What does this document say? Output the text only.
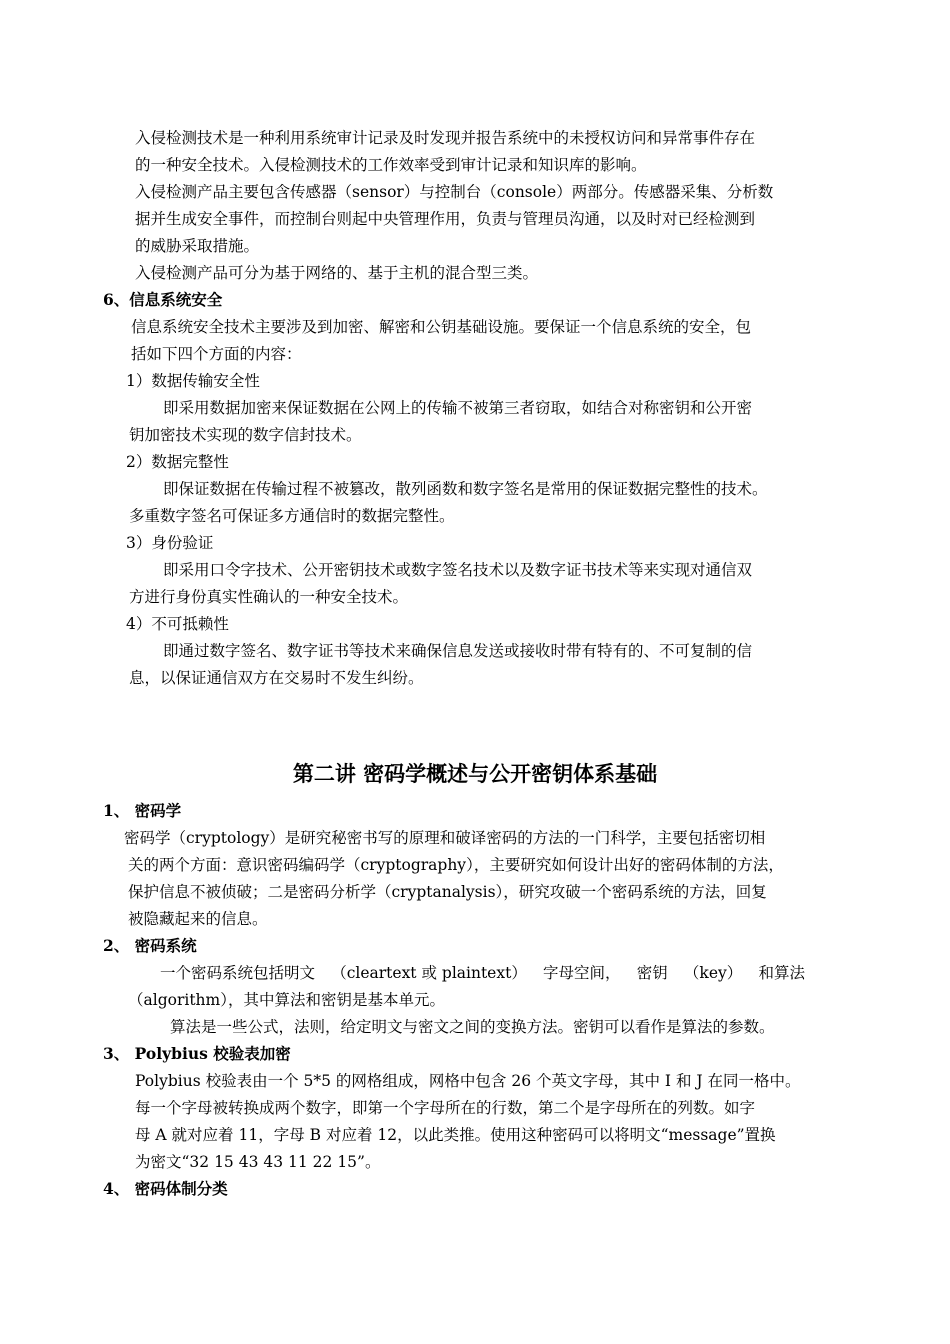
入侵检测技术是一种利用系统审计记录及时发现并报告系统中的未授权访问和异常事件存在
的一种安全技术。入侵检测技术的工作效率受到审计记录和知识库的影响。
入侵检测产品主要包含传感器（sensor）与控制台（console）两部分。传感器采集、分析数
据并生成安全事件，而控制台则起中央管理作用，负责与管理员沟通，以及时对已经检测到
的威胁采取措施。
入侵检测产品可分为基于网络的、基于主机的混合型三类。
6、信息系统安全
信息系统安全技术主要涉及到加密、解密和公钥基础设施。要保证一个信息系统的安全，包
括如下四个方面的内容：
1）数据传输安全性
即采用数据加密来保证数据在公网上的传输不被第三者窃取，如结合对称密钥和公开密
钥加密技术实现的数字信封技术。
2）数据完整性
即保证数据在传输过程不被篡改，散列函数和数字签名是常用的保证数据完整性的技术。
多重数字签名可保证多方通信时的数据完整性。
3）身份验证
即采用口令字技术、公开密钥技术或数字签名技术以及数字证书技术等来实现对通信双
方进行身份真实性确认的一种安全技术。
4）不可抵赖性
即通过数字签名、数字证书等技术来确保信息发送或接收时带有特有的、不可复制的信
息，以保证通信双方在交易时不发生纠纷。
第二讲 密码学概述与公开密钥体系基础
1、 密码学
密码学（cryptology）是研究秘密书写的原理和破译密码的方法的一门科学，主要包括密切相
关的两个方面：意识密码编码学（cryptography），主要研究如何设计出好的密码体制的方法，
保护信息不被侦破；二是密码分析学（cryptanalysis），研究攻破一个密码系统的方法，回复
被隐藏起来的信息。
2、 密码系统
一个密码系统包括明文 （cleartext 或 plaintext） 字母空间， 密钥 （key） 和算法
（algorithm），其中算法和密钥是基本单元。
算法是一些公式，法则，给定明文与密文之间的变换方法。密钥可以看作是算法的参数。
3、 Polybius 校验表加密
Polybius 校验表由一个 5*5 的网格组成，网格中包含 26 个英文字母，其中 I 和 J 在同一格中。
每一个字母被转换成两个数字，即第一个字母所在的行数，第二个是字母所在的列数。如字
母 A 就对应着 11，字母 B 对应着 12，以此类推。使用这种密码可以将明文“message”置换
为密文“32 15 43 43 11 22 15”。
4、 密码体制分类
